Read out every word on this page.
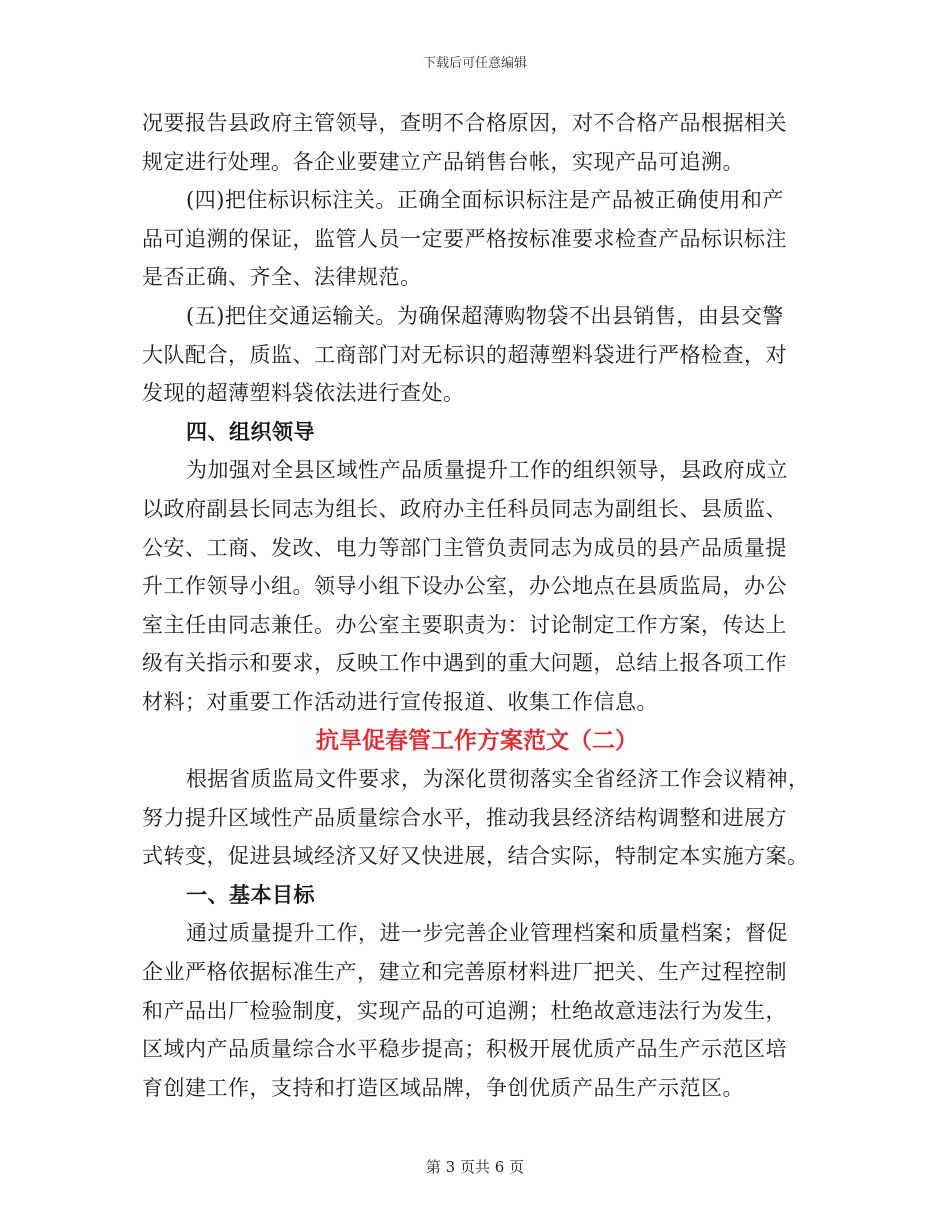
下载后可任意编辑
况要报告县政府主管领导，查明不合格原因，对不合格产品根据相关
规定进行处理。各企业要建立产品销售台帐，实现产品可追溯。
(四)把住标识标注关。正确全面标识标注是产品被正确使用和产
品可追溯的保证，监管人员一定要严格按标准要求检查产品标识标注
是否正确、齐全、法律规范。
(五)把住交通运输关。为确保超薄购物袋不出县销售，由县交警
大队配合，质监、工商部门对无标识的超薄塑料袋进行严格检查，对
发现的超薄塑料袋依法进行查处。
四、组织领导
为加强对全县区域性产品质量提升工作的组织领导，县政府成立
以政府副县长同志为组长、政府办主任科员同志为副组长、县质监、
公安、工商、发改、电力等部门主管负责同志为成员的县产品质量提
升工作领导小组。领导小组下设办公室，办公地点在县质监局，办公
室主任由同志兼任。办公室主要职责为：讨论制定工作方案，传达上
级有关指示和要求，反映工作中遇到的重大问题，总结上报各项工作
材料；对重要工作活动进行宣传报道、收集工作信息。
抗旱促春管工作方案范文（二）
根据省质监局文件要求，为深化贯彻落实全省经济工作会议精神，
努力提升区域性产品质量综合水平，推动我县经济结构调整和进展方
式转变，促进县域经济又好又快进展，结合实际，特制定本实施方案。
一、基本目标
通过质量提升工作，进一步完善企业管理档案和质量档案；督促
企业严格依据标准生产，建立和完善原材料进厂把关、生产过程控制
和产品出厂检验制度，实现产品的可追溯；杜绝故意违法行为发生，
区域内产品质量综合水平稳步提高；积极开展优质产品生产示范区培
育创建工作，支持和打造区域品牌，争创优质产品生产示范区。
第 3 页共 6 页
